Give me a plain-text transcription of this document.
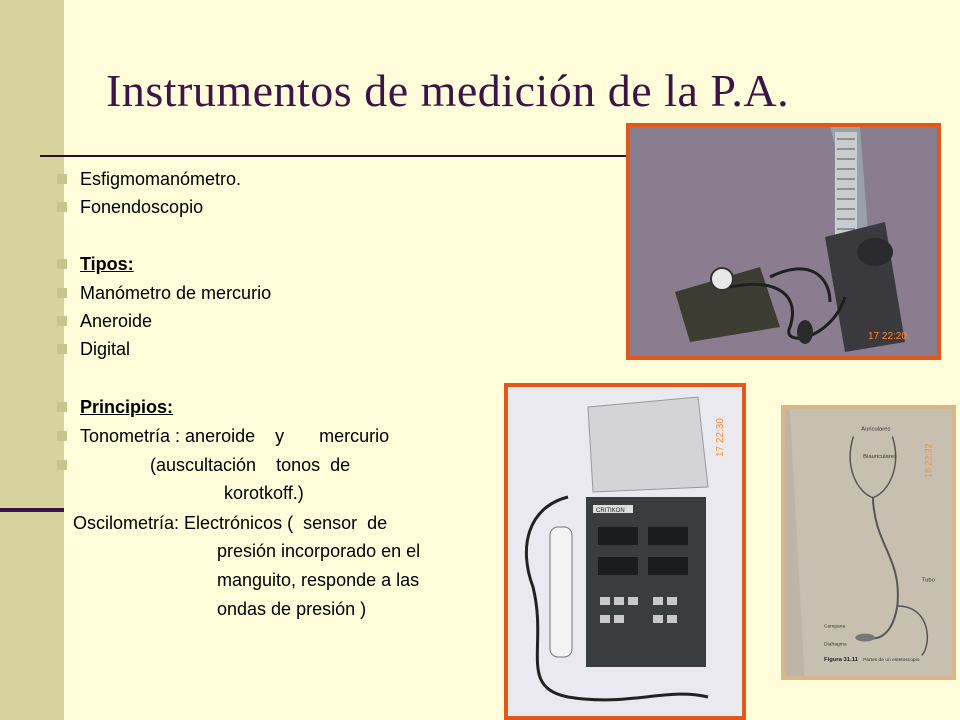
Instrumentos de medición de la P.A.
Esfigmomanómetro.
Fonendoscopio
Tipos:
Manómetro de mercurio
Aneroide
Digital
Principios:
Tonometría : aneroide    y       mercurio
(auscultación    tonos  de
korotkoff.)
Oscilometría: Electrónicos (  sensor  de
presión incorporado en el
manguito, responde a las
ondas de presión )
17 22:20
CRITIKON
17 22:30	Auriculares
Biauriculares
Tubo
Campana
Diafragma
Figura 31.11 Partes de un estetoscopio
18 22:32
